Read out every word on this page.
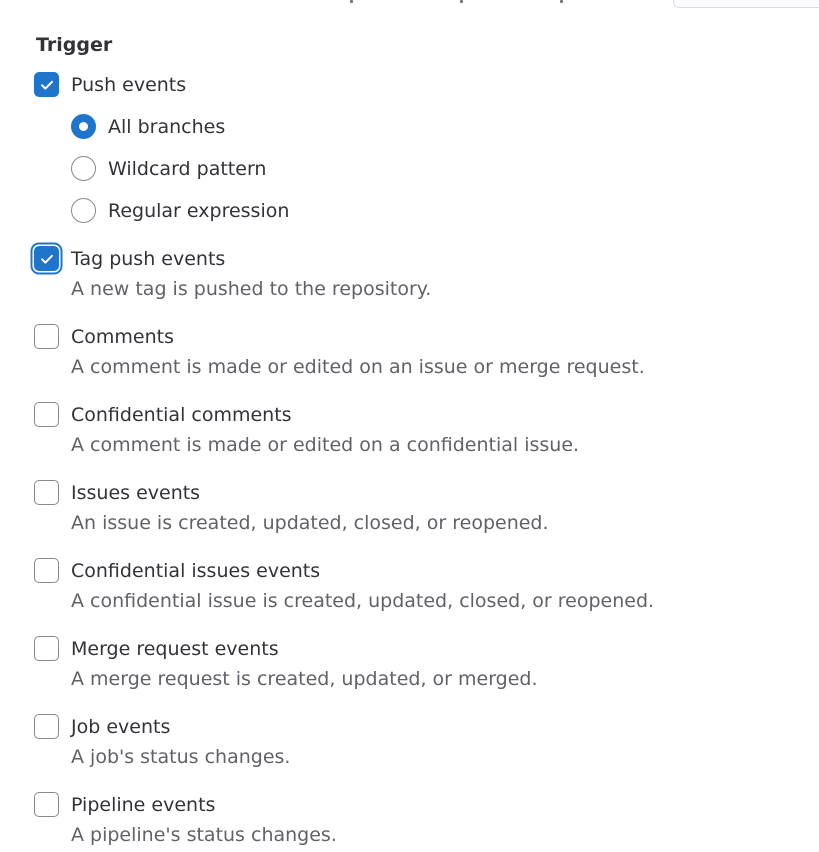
Trigger
Push events
All branches
Wildcard pattern
Regular expression
Tag push events
A new tag is pushed to the repository.
Comments
A comment is made or edited on an issue or merge request.
Confidential comments
A comment is made or edited on a confidential issue.
Issues events
An issue is created, updated, closed, or reopened.
Confidential issues events
A confidential issue is created, updated, closed, or reopened.
Merge request events
A merge request is created, updated, or merged.
Job events
A job's status changes.
Pipeline events
A pipeline's status changes.
